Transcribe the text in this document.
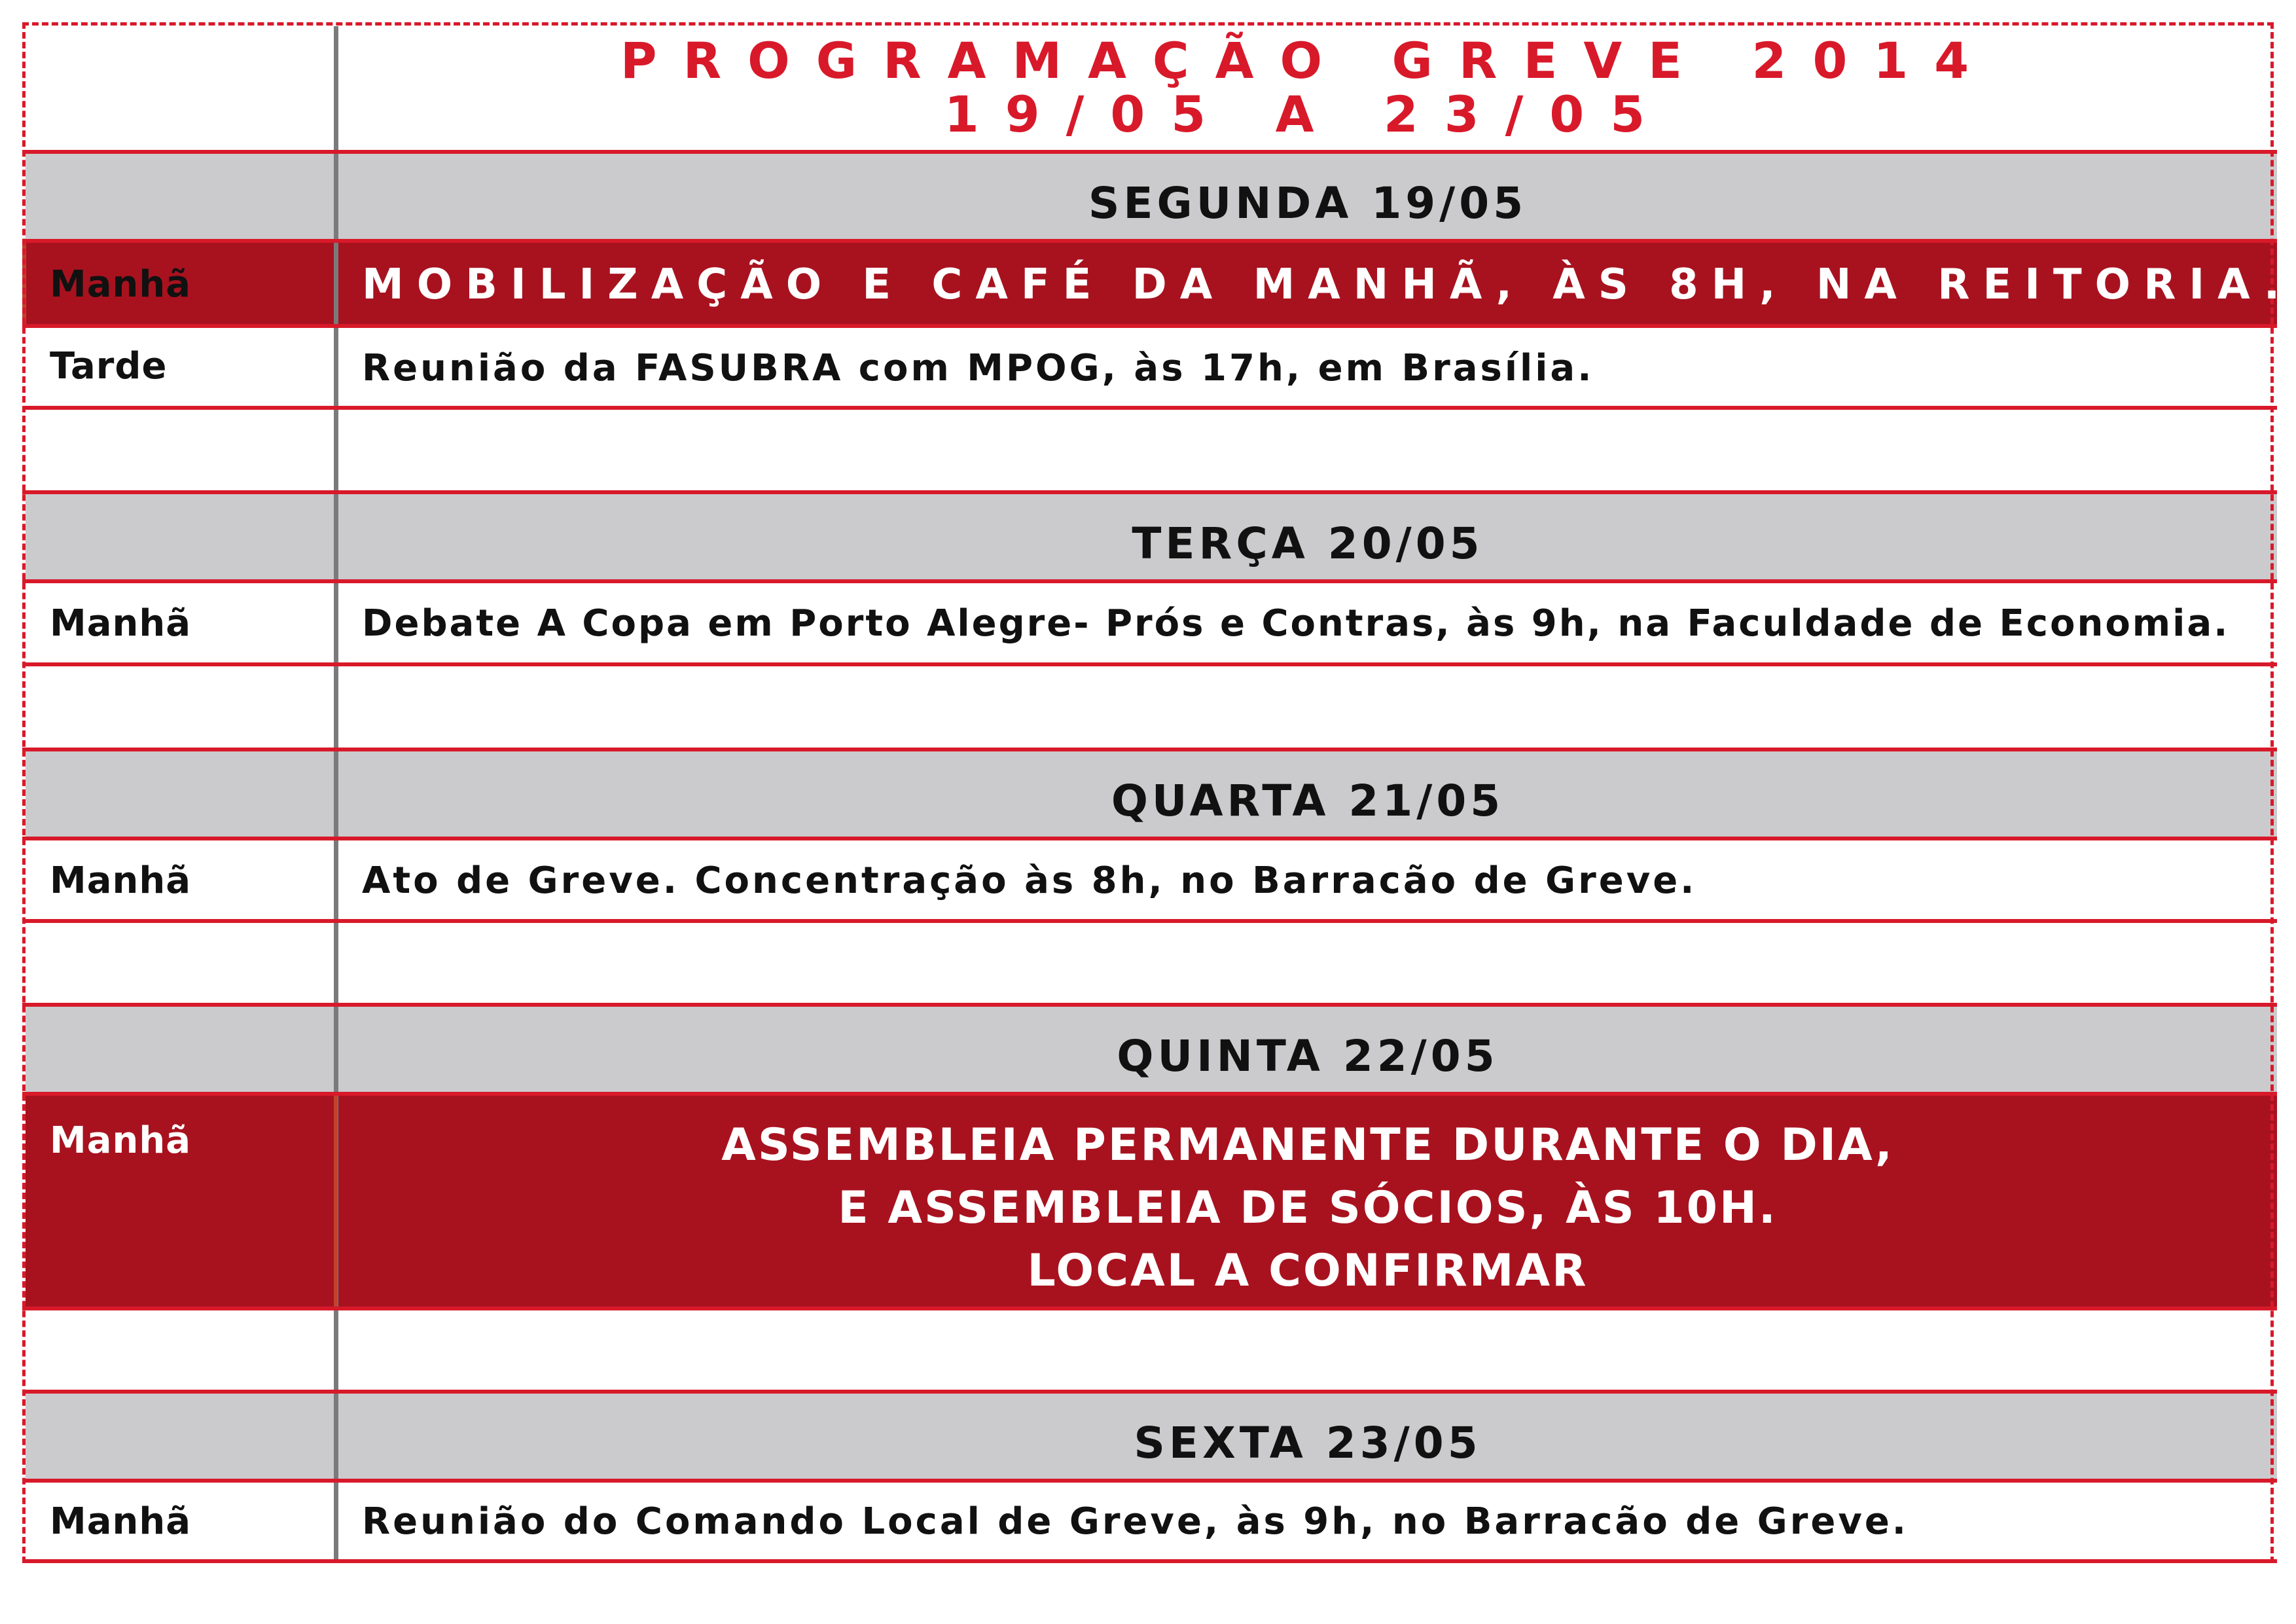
PROGRAMAÇÃO GREVE 2014
19/05 A 23/05
SEGUNDA 19/05
Manhã	MOBILIZAÇÃO E CAFÉ DA MANHÃ, ÀS 8H, NA REITORIA.
Tarde	Reunião da FASUBRA com MPOG, às 17h, em Brasília.
TERÇA 20/05
Manhã	Debate A Copa em Porto Alegre- Prós e Contras, às 9h, na Faculdade de Economia.
QUARTA 21/05
Manhã	Ato de Greve. Concentração às 8h, no Barracão de Greve.
QUINTA 22/05
Manhã	ASSEMBLEIA PERMANENTE DURANTE O DIA,
E ASSEMBLEIA DE SÓCIOS, ÀS 10H.
LOCAL A CONFIRMAR
SEXTA 23/05
Manhã	Reunião do Comando Local de Greve, às 9h, no Barracão de Greve.
